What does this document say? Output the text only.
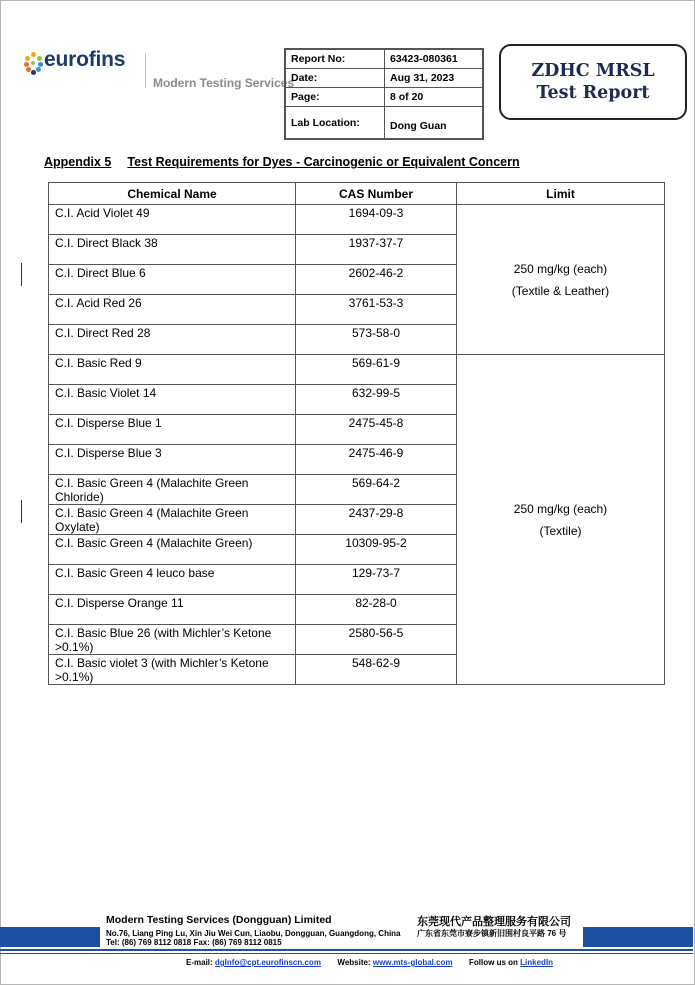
eurofins
Modern Testing Services
Report No:	63423-080361
Date:	Aug 31, 2023
Page:	8 of 20
Lab Location:	Dong Guan
ZDHC MRSL
Test Report
Appendix 5 Test Requirements for Dyes - Carcinogenic or Equivalent Concern
Chemical Name	CAS Number	Limit
C.I. Acid Violet 49	1694-09-3	250 mg/kg (each)
(Textile & Leather)

C.I. Direct Black 38	1937-37-7	
C.I. Direct Blue 6	2602-46-2	
C.I. Acid Red 26	3761-53-3	
C.I. Direct Red 28	573-58-0	
C.I. Basic Red 9	569-61-9	250 mg/kg (each)
(Textile)

C.I. Basic Violet 14	632-99-5	
C.I. Disperse Blue 1	2475-45-8	
C.I. Disperse Blue 3	2475-46-9	
C.I. Basic Green 4 (Malachite Green Chloride)	569-64-2	
C.I. Basic Green 4 (Malachite Green Oxylate)	2437-29-8	
C.I. Basic Green 4 (Malachite Green)	10309-95-2	
C.I. Basic Green 4 leuco base	129-73-7	
C.I. Disperse Orange 11	82-28-0	
C.I. Basic Blue 26 (with Michler’s Ketone >0.1%)	2580-56-5	
C.I. Basic violet 3 (with Michler’s Ketone >0.1%)	548-62-9	
Modern Testing Services (Dongguan) Limited	东莞现代产品整理服务有限公司
No.76, Liang Ping Lu, Xin Jiu Wei Cun, Liaobu, Dongguan, Guangdong, China 广东省东莞市寮步镇新旧围村良平路 76 号
Tel: (86) 769 8112 0818 Fax: (86) 769 8112 0815
E-mail: dgInfo@cpt.eurofinscn.com Website: www.mts-global.com Follow us on LinkedIn
